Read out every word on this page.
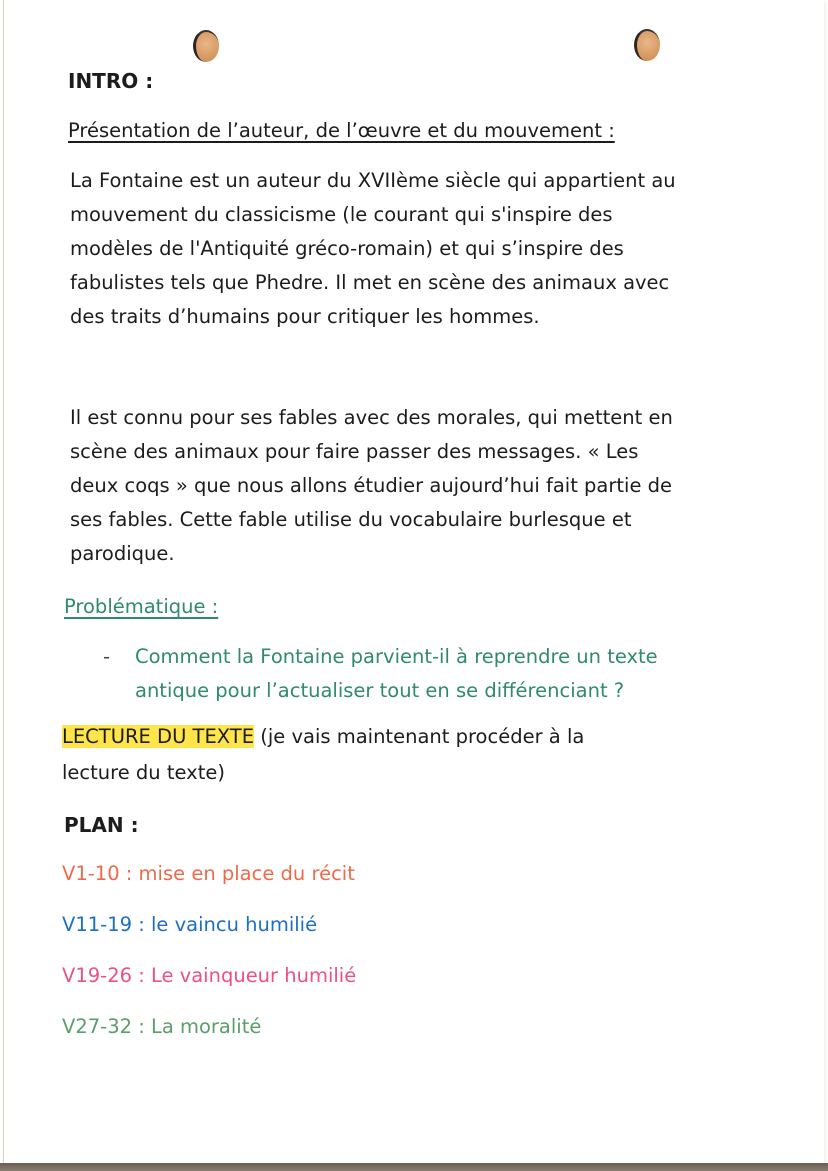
INTRO :
Présentation de l’auteur, de l’œuvre et du mouvement :
La Fontaine est un auteur du XVIIème siècle qui appartient au
mouvement du classicisme (le courant qui s'inspire des
modèles de l'Antiquité gréco-romain) et qui s’inspire des
fabulistes tels que Phedre. Il met en scène des animaux avec
des traits d’humains pour critiquer les hommes.
Il est connu pour ses fables avec des morales, qui mettent en
scène des animaux pour faire passer des messages. « Les
deux coqs » que nous allons étudier aujourd’hui fait partie de
ses fables. Cette fable utilise du vocabulaire burlesque et
parodique.
Problématique :
- Comment la Fontaine parvient-il à reprendre un texte
antique pour l’actualiser tout en se différenciant ?
LECTURE DU TEXTE (je vais maintenant procéder à la
lecture du texte)
PLAN :
V1-10 : mise en place du récit
V11-19 : le vaincu humilié
V19-26 : Le vainqueur humilié
V27-32 : La moralité
